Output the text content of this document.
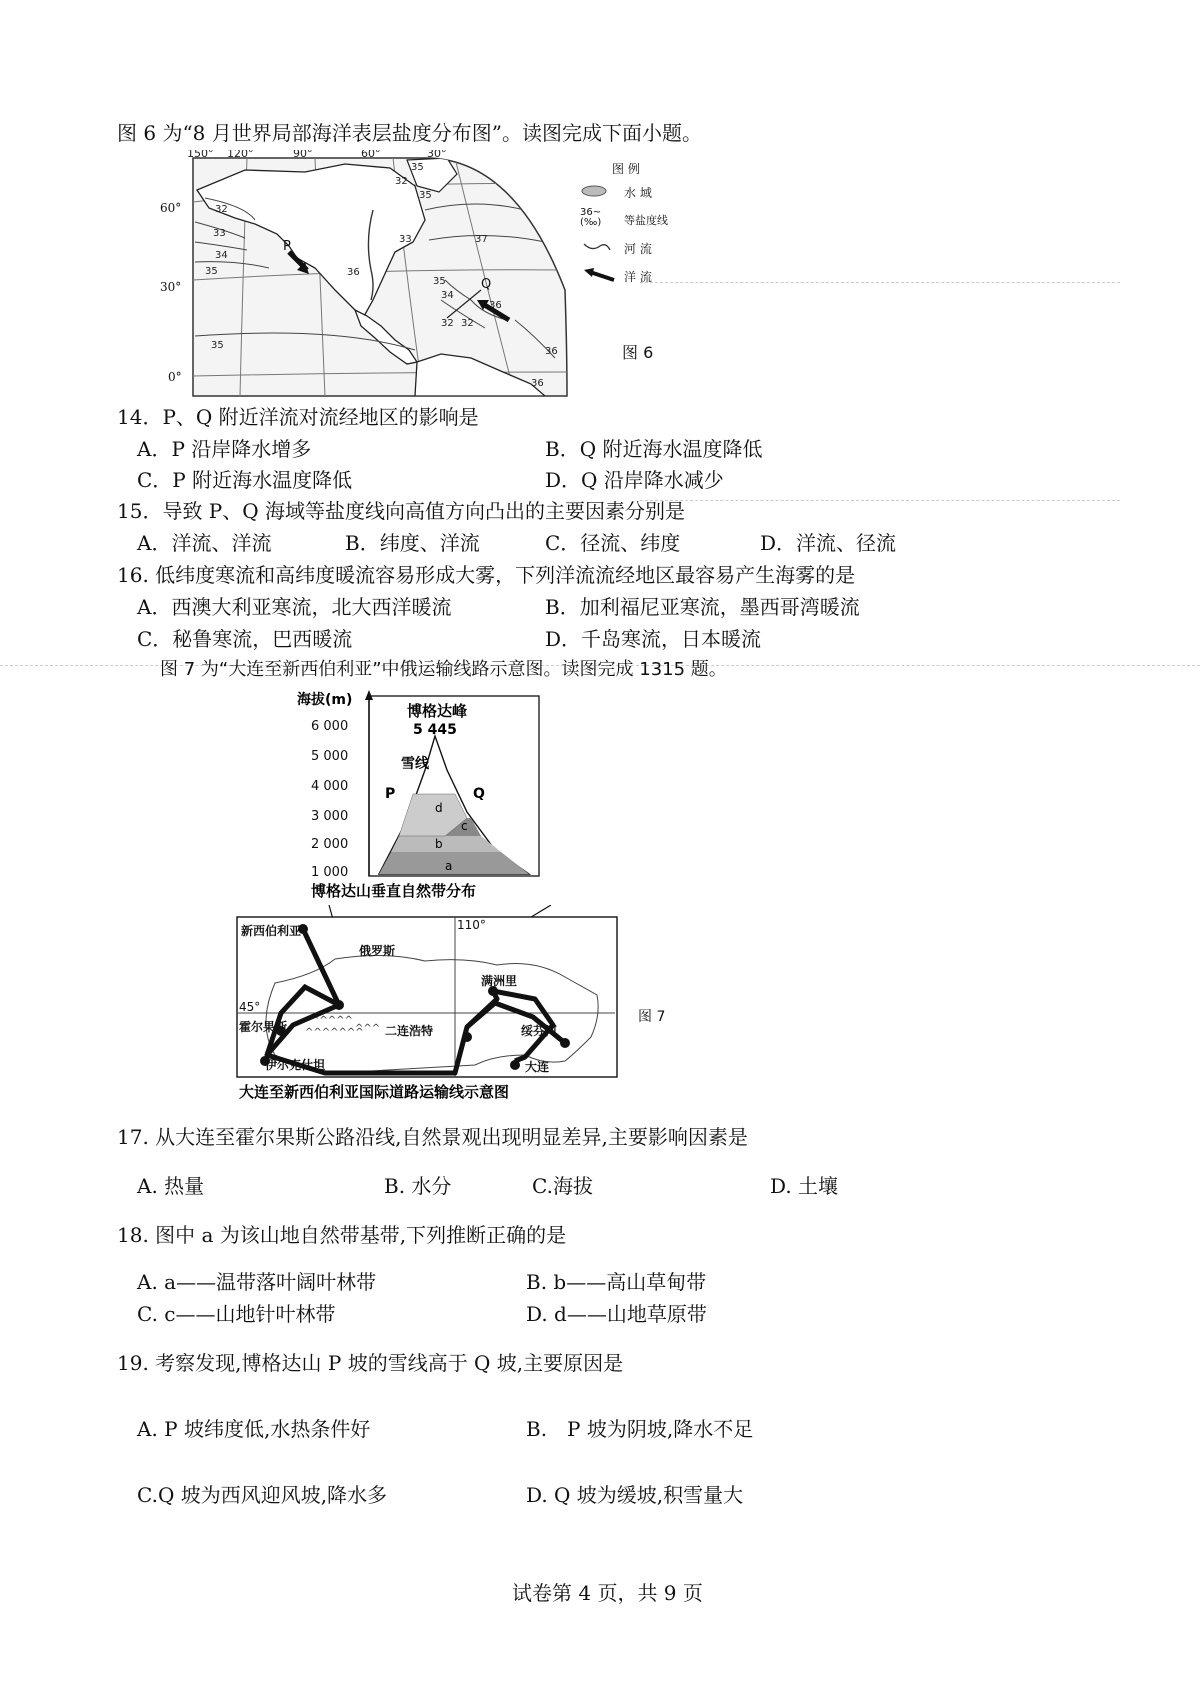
图 6 为“8 月世界局部海洋表层盐度分布图”。读图完成下面小题。
150° 120°	90°	60°	30°
32
33
34
35
35
32
33
36
37
35
34
36
32
36
32
35
36
35
P
Q
60°
30°
0°
图 例
水 域
36~
(‰) 等盐度线
河 流
洋 流
图 6
14．P、Q 附近洋流对流经地区的影响是
A．P 沿岸降水增多	B．Q 附近海水温度降低
C．P 附近海水温度降低	D．Q 沿岸降水减少
15．导致 P、Q 海域等盐度线向高值方向凸出的主要因素分别是
A．洋流、洋流	B．纬度、洋流	C．径流、纬度	D．洋流、径流
16. 低纬度寒流和高纬度暖流容易形成大雾，下列洋流流经地区最容易产生海雾的是
A．西澳大利亚寒流，北大西洋暖流	B．加利福尼亚寒流，墨西哥湾暖流
C．秘鲁寒流，巴西暖流	D．千岛寒流，日本暖流
图 7 为“大连至新西伯利亚”中俄运输线路示意图。读图完成 1315 题。
海拔(m)
6 000
5 000
4 000
3 000
2 000
1 000
雪线
博格达峰
5 445
P	Q
a
b
c
d
博格达山垂直自然带分布
^^^^^
^^^^^^^
^^^
新西伯利亚
俄罗斯
110°
满洲里
45°
霍尔果斯	二连浩特	绥芬河
伊尔克什坦	大连
大连至新西伯利亚国际道路运输线示意图
图 7
17. 从大连至霍尔果斯公路沿线,自然景观出现明显差异,主要影响因素是
A. 热量	B. 水分	C.海拔	D. 土壤
18. 图中 a 为该山地自然带基带,下列推断正确的是
A. a——温带落叶阔叶林带	B. b——高山草甸带
C. c——山地针叶林带	D. d——山地草原带
19. 考察发现,博格达山 P 坡的雪线高于 Q 坡,主要原因是
A. P 坡纬度低,水热条件好	B.　P 坡为阴坡,降水不足
C.Q 坡为西风迎风坡,降水多	D. Q 坡为缓坡,积雪量大
试卷第 4 页，共 9 页
